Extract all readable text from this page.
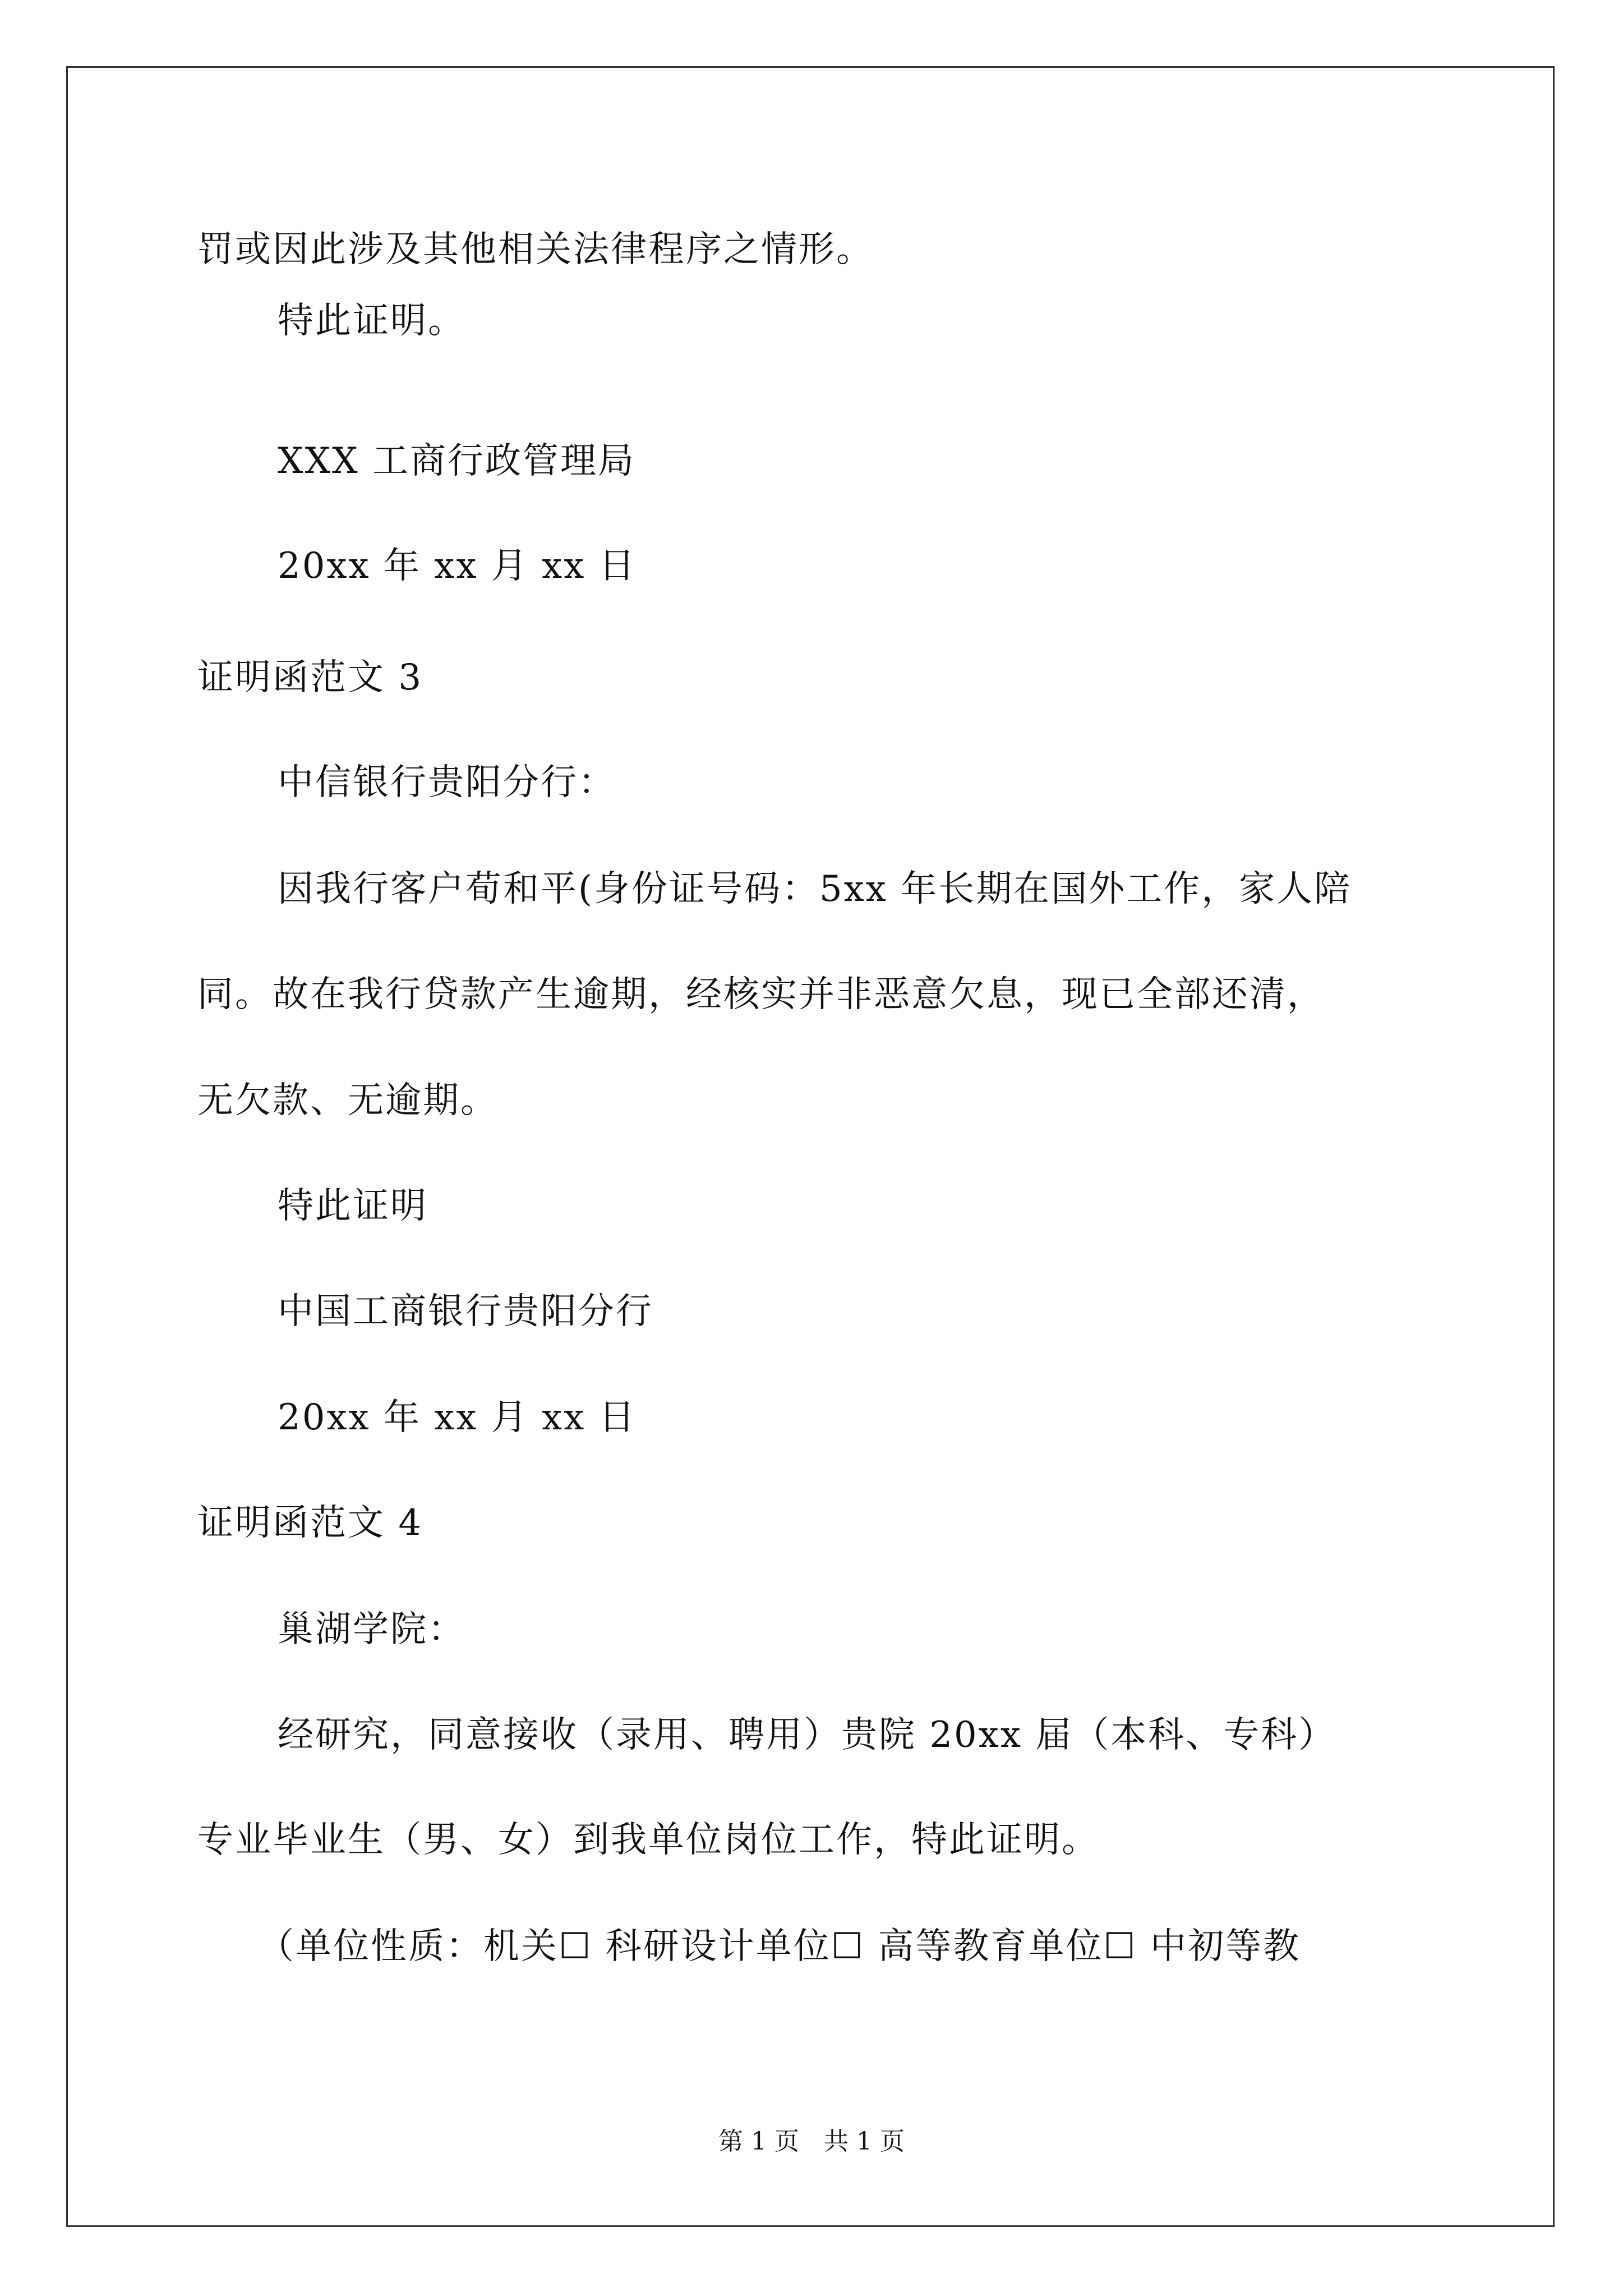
罚或因此涉及其他相关法律程序之情形。
特此证明。
XXX 工商行政管理局
20xx 年 xx 月 xx 日
证明函范文 3
中信银行贵阳分行：
因我行客户荀和平(身份证号码：5xx 年长期在国外工作，家人陪
同。故在我行贷款产生逾期，经核实并非恶意欠息，现已全部还清，
无欠款、无逾期。
特此证明
中国工商银行贵阳分行
20xx 年 xx 月 xx 日
证明函范文 4
巢湖学院：
经研究，同意接收（录用、聘用）贵院 20xx 届（本科、专科）
专业毕业生（男、女）到我单位岗位工作，特此证明。
（单位性质：机关☐ 科研设计单位☐ 高等教育单位☐ 中初等教
第 1 页　共 1 页
